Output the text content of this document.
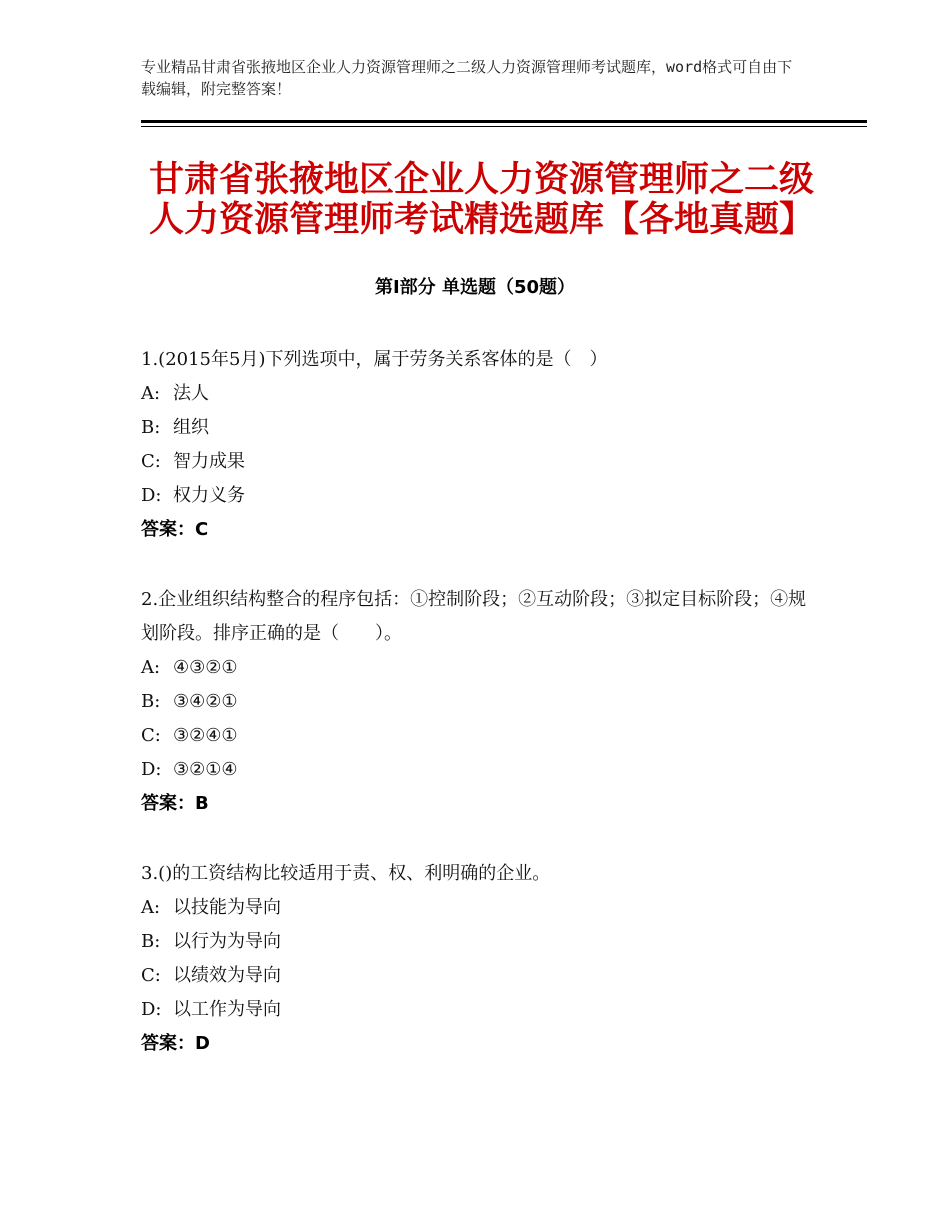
专业精品甘肃省张掖地区企业人力资源管理师之二级人力资源管理师考试题库，word格式可自由下载编辑，附完整答案！
甘肃省张掖地区企业人力资源管理师之二级人力资源管理师考试精选题库【各地真题】
第Ⅰ部分 单选题（50题）

1.(2015年5月)下列选项中，属于劳务关系客体的是（　）

A: 法人

B: 组织

C: 智力成果

D: 权力义务

答案：C

2.企业组织结构整合的程序包括：①控制阶段；②互动阶段；③拟定目标阶段；④规划阶段。排序正确的是（　　）。

A: ④③②①

B: ③④②①

C: ③②④①

D: ③②①④

答案：B

3.()的工资结构比较适用于责、权、利明确的企业。

A: 以技能为导向

B: 以行为为导向

C: 以绩效为导向

D: 以工作为导向

答案：D
